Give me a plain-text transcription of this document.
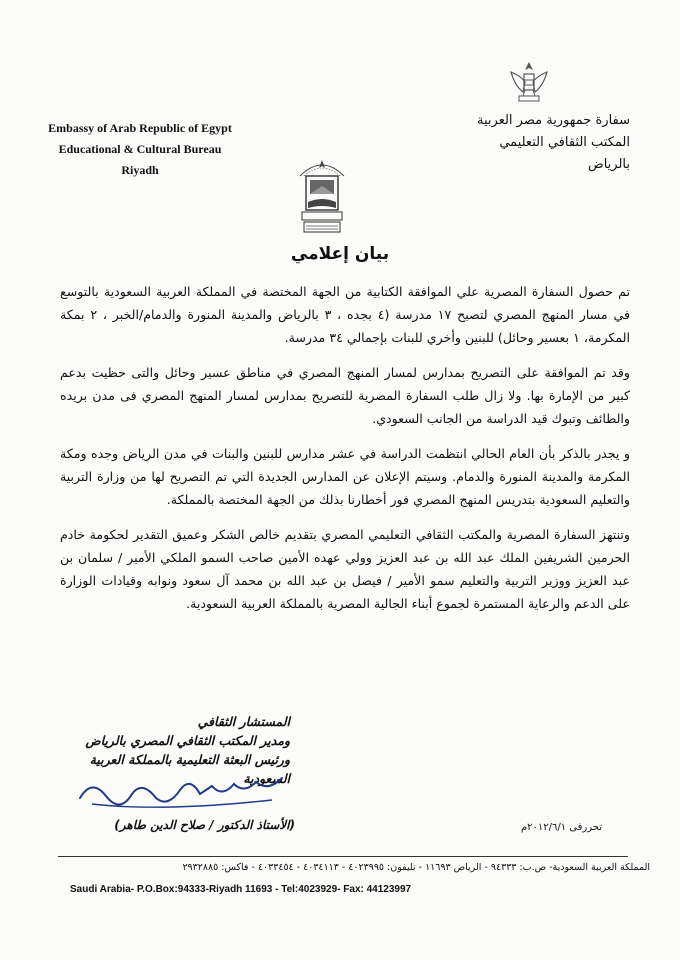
Embassy of Arab Republic of Egypt
Educational & Cultural Bureau
Riyadh
سفارة جمهورية مصر العربية
المكتب الثقافي التعليمي
بالرياض
بيان إعلامي

تم حصول السفارة المصرية علي الموافقة الكتابية من الجهة المختصة في المملكة العربية السعودية بالتوسع في مسار المنهج المصري لتصبح ١٧ مدرسة (٤ بجده ، ٣ بالرياض والمدينة المنورة والدمام/الخبر ، ٢ بمكة المكرمة، ١ بعسير وحائل) للبنين وأخري للبنات بإجمالي ٣٤ مدرسة.

وقد تم الموافقة على التصريح بمدارس لمسار المنهج المصري في مناطق عسير وحائل والتى حظيت بدعم كبير من الإمارة بها. ولا زال طلب السفارة المصرية للتصريح بمدارس لمسار المنهج المصري فى مدن بريده والطائف وتبوك قيد الدراسة من الجانب السعودي.

و يجدر بالذكر بأن العام الحالي انتظمت الدراسة في عشر مدارس للبنين والبنات في مدن الرياض وجده ومكة المكرمة والمدينة المنورة والدمام. وسيتم الإعلان عن المدارس الجديدة التي تم التصريح لها من وزارة التربية والتعليم السعودية بتدريس المنهج المصري فور أخطارنا بذلك من الجهة المختصة بالمملكة.

وتنتهز السفارة المصرية والمكتب الثقافي التعليمي المصري بتقديم خالص الشكر وعميق التقدير لحكومة خادم الحرمين الشريفين الملك عبد الله بن عبد العزيز وولي عهده الأمين صاحب السمو الملكي الأمير / سلمان بن عبد العزيز ووزير التربية والتعليم سمو الأمير / فيصل بن عبد الله بن محمد آل سعود ونوابه وقيادات الوزارة على الدعم والرعاية المستمرة لجموع أبناء الجالية المصرية بالمملكة العربية السعودية.

المستشار الثقافي
ومدير المكتب الثقافي المصري بالرياض
ورئيس البعثة التعليمية بالمملكة العربية السعودية
(الأستاذ الدكتور / صلاح الدين طاهر)	تحررفى ٢٠١٢/٦/١م
المملكة العربية السعودية- ص.ب: ٩٤٣٣٣ - الرياض ١١٦٩٣ - تليفون: ٤٠٢٣٩٩٥ - ٤٠٣٤١١٣ - ٤٠٣٣٤٥٤ - فاكس: ٢٩٣٢٨٨٥
Saudi Arabia- P.O.Box:94333-Riyadh 11693 - Tel:4023929- Fax: 44123997
